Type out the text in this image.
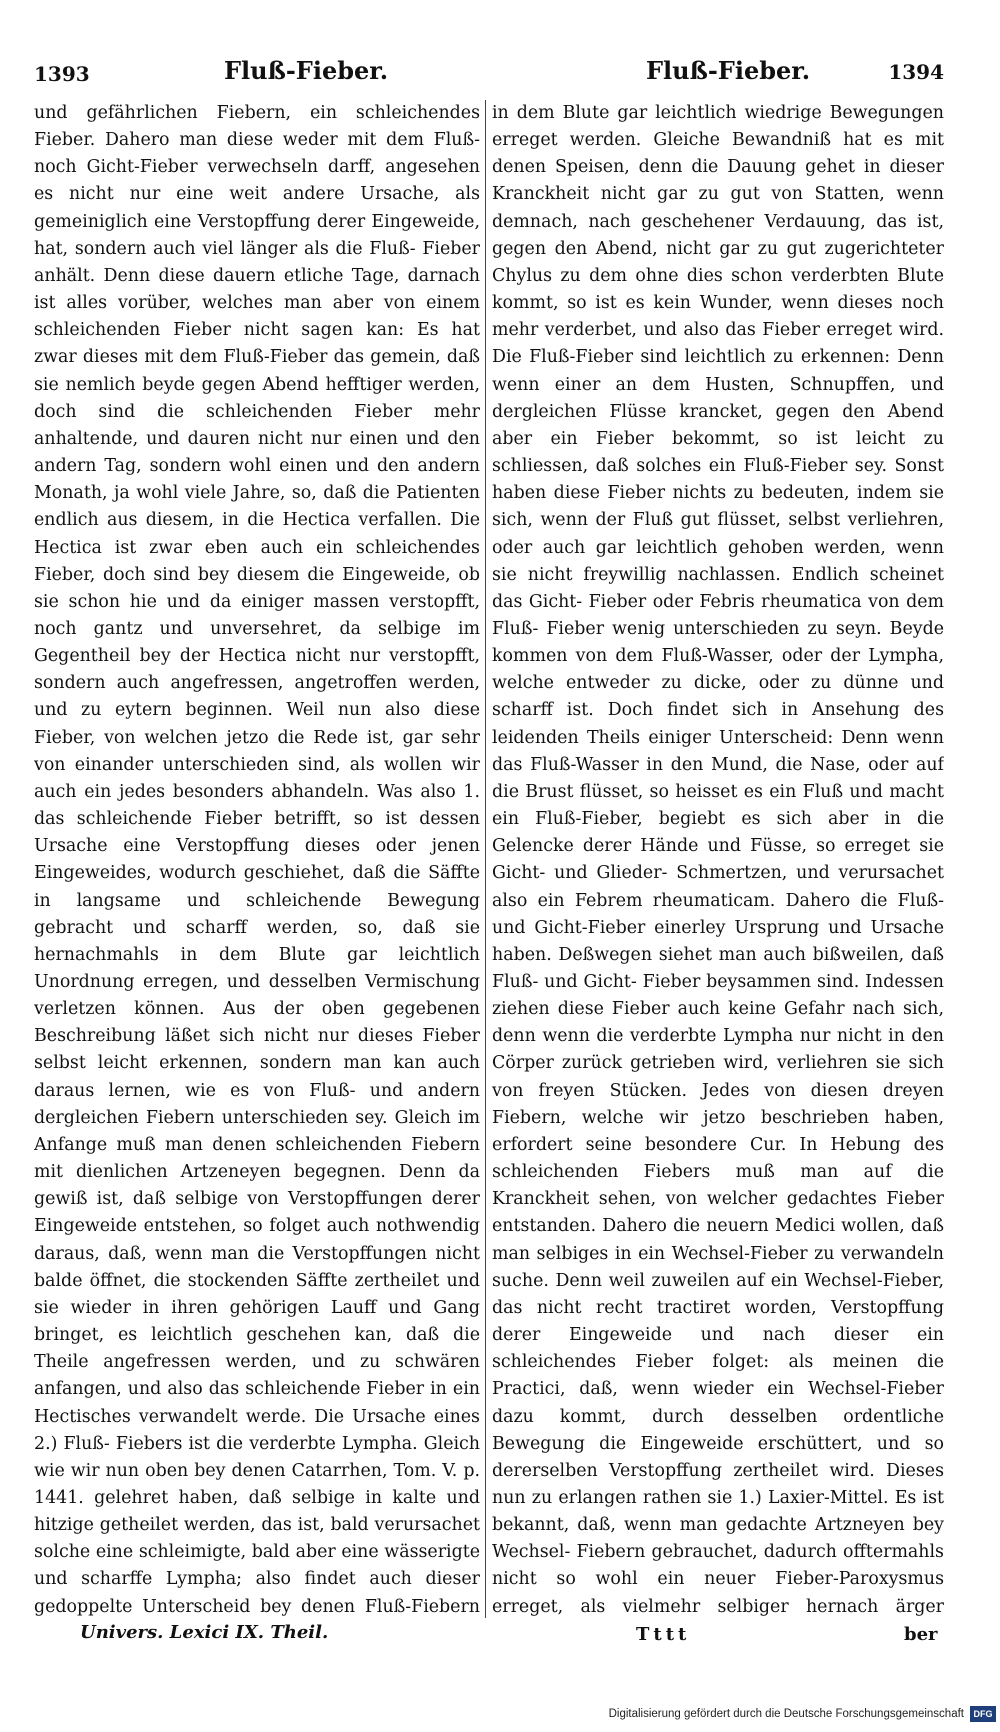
1393	Fluß-Fieber.	Fluß-Fieber.	1394

und gefährlichen Fiebern, ein schleichendes Fieber. Dahero man diese weder mit dem Fluß- noch Gicht-Fieber verwechseln darff, angesehen es nicht nur eine weit andere Ursache, als gemeiniglich eine Verstopffung derer Eingeweide, hat, sondern auch viel länger als die Fluß- Fieber anhält. Denn diese dauern etliche Tage, darnach ist alles vorüber, welches man aber von einem schleichenden Fieber nicht sagen kan: Es hat zwar dieses mit dem Fluß-Fieber das gemein, daß sie nemlich beyde gegen Abend hefftiger werden, doch sind die schleichenden Fieber mehr anhaltende, und dauren nicht nur einen und den andern Tag, sondern wohl einen und den andern Monath, ja wohl viele Jahre, so, daß die Patienten endlich aus diesem, in die Hectica verfallen. Die Hectica ist zwar eben auch ein schleichendes Fieber, doch sind bey diesem die Eingeweide, ob sie schon hie und da einiger massen verstopfft, noch gantz und unversehret, da selbige im Gegentheil bey der Hectica nicht nur verstopfft, sondern auch angefressen, angetroffen werden, und zu eytern beginnen. Weil nun also diese Fieber, von welchen jetzo die Rede ist, gar sehr von einander unterschieden sind, als wollen wir auch ein jedes besonders abhandeln. Was also 1. das schleichende Fieber betrifft, so ist dessen Ursache eine Verstopffung dieses oder jenen Eingeweides, wodurch geschiehet, daß die Säffte in langsame und schleichende Bewegung gebracht und scharff werden, so, daß sie hernachmahls in dem Blute gar leichtlich Unordnung erregen, und desselben Vermischung verletzen können. Aus der oben gegebenen Beschreibung läßet sich nicht nur dieses Fieber selbst leicht erkennen, sondern man kan auch daraus lernen, wie es von Fluß- und andern dergleichen Fiebern unterschieden sey. Gleich im Anfange muß man denen schleichenden Fiebern mit dienlichen Artzeneyen begegnen. Denn da gewiß ist, daß selbige von Verstopffungen derer Eingeweide entstehen, so folget auch nothwendig daraus, daß, wenn man die Verstopffungen nicht balde öffnet, die stockenden Säffte zertheilet und sie wieder in ihren gehörigen Lauff und Gang bringet, es leichtlich geschehen kan, daß die Theile angefressen werden, und zu schwären anfangen, und also das schleichende Fieber in ein Hectisches verwandelt werde. Die Ursache eines 2.) Fluß- Fiebers ist die verderbte Lympha. Gleich wie wir nun oben bey denen Catarrhen, Tom. V. p. 1441. gelehret haben, daß selbige in kalte und hitzige getheilet werden, das ist, bald verursachet solche eine schleimigte, bald aber eine wässerigte und scharffe Lympha; also findet auch dieser gedoppelte Unterscheid bey denen Fluß-Fiebern

in dem Blute gar leichtlich wiedrige Bewegungen erreget werden. Gleiche Bewandniß hat es mit denen Speisen, denn die Dauung gehet in dieser Kranckheit nicht gar zu gut von Statten, wenn demnach, nach geschehener Verdauung, das ist, gegen den Abend, nicht gar zu gut zugerichteter Chylus zu dem ohne dies schon verderbten Blute kommt, so ist es kein Wunder, wenn dieses noch mehr verderbet, und also das Fieber erreget wird. Die Fluß-Fieber sind leichtlich zu erkennen: Denn wenn einer an dem Husten, Schnupffen, und dergleichen Flüsse krancket, gegen den Abend aber ein Fieber bekommt, so ist leicht zu schliessen, daß solches ein Fluß-Fieber sey. Sonst haben diese Fieber nichts zu bedeuten, indem sie sich, wenn der Fluß gut flüsset, selbst verliehren, oder auch gar leichtlich gehoben werden, wenn sie nicht freywillig nachlassen. Endlich scheinet das Gicht- Fieber oder Febris rheumatica von dem Fluß- Fieber wenig unterschieden zu seyn. Beyde kommen von dem Fluß-Wasser, oder der Lympha, welche entweder zu dicke, oder zu dünne und scharff ist. Doch findet sich in Ansehung des leidenden Theils einiger Unterscheid: Denn wenn das Fluß-Wasser in den Mund, die Nase, oder auf die Brust flüsset, so heisset es ein Fluß und macht ein Fluß-Fieber, begiebt es sich aber in die Gelencke derer Hände und Füsse, so erreget sie Gicht- und Glieder- Schmertzen, und verursachet also ein Febrem rheumaticam. Dahero die Fluß- und Gicht-Fieber einerley Ursprung und Ursache haben. Deßwegen siehet man auch bißweilen, daß Fluß- und Gicht- Fieber beysammen sind. Indessen ziehen diese Fieber auch keine Gefahr nach sich, denn wenn die verderbte Lympha nur nicht in den Cörper zurück getrieben wird, verliehren sie sich von freyen Stücken. Jedes von diesen dreyen Fiebern, welche wir jetzo beschrieben haben, erfordert seine besondere Cur. In Hebung des schleichenden Fiebers muß man auf die Kranckheit sehen, von welcher gedachtes Fieber entstanden. Dahero die neuern Medici wollen, daß man selbiges in ein Wechsel-Fieber zu verwandeln suche. Denn weil zuweilen auf ein Wechsel-Fieber, das nicht recht tractiret worden, Verstopffung derer Eingeweide und nach dieser ein schleichendes Fieber folget: als meinen die Practici, daß, wenn wieder ein Wechsel-Fieber dazu kommt, durch desselben ordentliche Bewegung die Eingeweide erschüttert, und so dererselben Verstopffung zertheilet wird. Dieses nun zu erlangen rathen sie 1.) Laxier-Mittel. Es ist bekannt, daß, wenn man gedachte Artzneyen bey Wechsel- Fiebern gebrauchet, dadurch offtermahls nicht so wohl ein neuer Fieber-Paroxysmus erreget, als vielmehr selbiger hernach ärger

Univers. Lexici IX. Theil.	Tttt	ber
Digitalisierung gefördert durch die Deutsche Forschungsgemeinschaft	DFG
